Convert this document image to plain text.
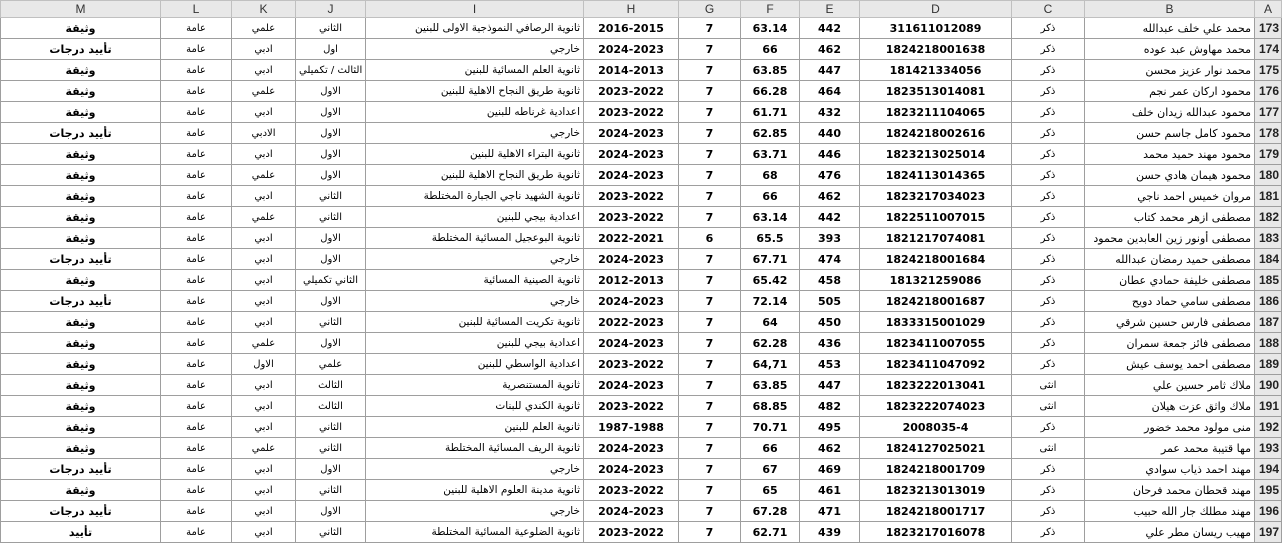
M	L	K	J	I	H	G	F	E	D	C	B	A
وثيقة	عامة	علمي	الثاني	ثانوية الرصافي النموذجية الاولى للبنين	2016-2015	7	63.14	442	311611012089	ذكر	محمد علي خلف عبدالله	173
تأييد درجات	عامة	ادبي	اول	خارجي	2024-2023	7	66	462	1824218001638	ذكر	محمد مهاوش عبد عوده	174
وثيقة	عامة	ادبي	الثالث / تكميلي	ثانوية العلم المسائية للبنين	2014-2013	7	63.85	447	181421334056	ذكر	محمد نوار عزيز محسن	175
وثيقة	عامة	علمي	الاول	ثانوية طريق النجاح الاهلية للبنين	2023-2022	7	66.28	464	1823513014081	ذكر	محمود اركان عمر نجم	176
وثيقة	عامة	ادبي	الاول	اعدادية غرناطه للبنين	2023-2022	7	61.71	432	1823211104065	ذكر	محمود عبدالله زيدان خلف	177
تأييد درجات	عامة	الادبي	الاول	خارجي	2024-2023	7	62.85	440	1824218002616	ذكر	محمود كامل جاسم حسن	178
وثيقة	عامة	ادبي	الاول	ثانوية البتراء الاهلية للبنين	2024-2023	7	63.71	446	1823213025014	ذكر	محمود مهند حميد محمد	179
وثيقة	عامة	علمي	الاول	ثانوية طريق النجاح الاهلية للبنين	2024-2023	7	68	476	1824113014365	ذكر	محمود هيمان هادي حسن	180
وثيقة	عامة	ادبي	الثاني	ثانوية الشهيد ناجي الجبارة المختلطة	2023-2022	7	66	462	1823217034023	ذكر	مروان خميس احمد ناجي	181
وثيقة	عامة	علمي	الثاني	اعدادية بيجي للبنين	2023-2022	7	63.14	442	1822511007015	ذكر	مصطفى ازهر محمد كتاب	182
وثيقة	عامة	ادبي	الاول	ثانوية البوعجيل المسائية المختلطة	2022-2021	6	65.5	393	1821217074081	ذكر	مصطفى أونور زين العابدين محمود	183
تأييد درجات	عامة	ادبي	الاول	خارجي	2024-2023	7	67.71	474	1824218001684	ذكر	مصطفى حميد رمضان عبدالله	184
وثيقة	عامة	ادبي	الثاني تكميلي	ثانوية الصينية المسائية	2012-2013	7	65.42	458	181321259086	ذكر	مصطفى خليفة حمادي عطان	185
تأييد درجات	عامة	ادبي	الاول	خارجي	2024-2023	7	72.14	505	1824218001687	ذكر	مصطفى سامي حماد دويح	186
وثيقة	عامة	ادبي	الثاني	ثانوية تكريت المسائية للبنين	2022-2023	7	64	450	1833315001029	ذكر	مصطفى فارس حسين شرقي	187
وثيقة	عامة	علمي	الاول	اعدادية بيجي للبنين	2024-2023	7	62.28	436	1823411007055	ذكر	مصطفى فائز جمعة سمران	188
وثيقة	عامة	الاول	علمي	اعدادية الواسطي للبنين	2023-2022	7	64,71	453	1823411047092	ذكر	مصطفى احمد يوسف عيش	189
وثيقة	عامة	ادبي	الثالث	ثانوية المستنصرية	2024-2023	7	63.85	447	1823222013041	انثى	ملاك ثامر حسين علي	190
وثيقة	عامة	ادبي	الثالث	ثانوية الكندي للبنات	2023-2022	7	68.85	482	1823222074023	انثى	ملاك واثق عزت هيلان	191
وثيقة	عامة	ادبي	الثاني	ثانوية العلم للبنين	1987-1988	7	70.71	495	2008035-4	ذكر	منى مولود محمد خضور	192
وثيقة	عامة	علمي	الثاني	ثانوية الريف المسائية المختلطة	2024-2023	7	66	462	1824127025021	انثى	مها قتيبة محمد عمر	193
تأييد درجات	عامة	ادبي	الاول	خارجي	2024-2023	7	67	469	1824218001709	ذكر	مهند احمد ذياب سوادي	194
وثيقة	عامة	ادبي	الثاني	ثانوية مدينة العلوم الاهلية للبنين	2023-2022	7	65	461	1823213013019	ذكر	مهند قحطان محمد فرحان	195
تأييد درجات	عامة	ادبي	الاول	خارجي	2024-2023	7	67.28	471	1824218001717	ذكر	مهند مطلك جار الله حبيب	196
تأييد	عامة	ادبي	الثاني	ثانوية الضلوعية المسائية المختلطة	2023-2022	7	62.71	439	1823217016078	ذكر	مهيب ريسان مطر علي	197
